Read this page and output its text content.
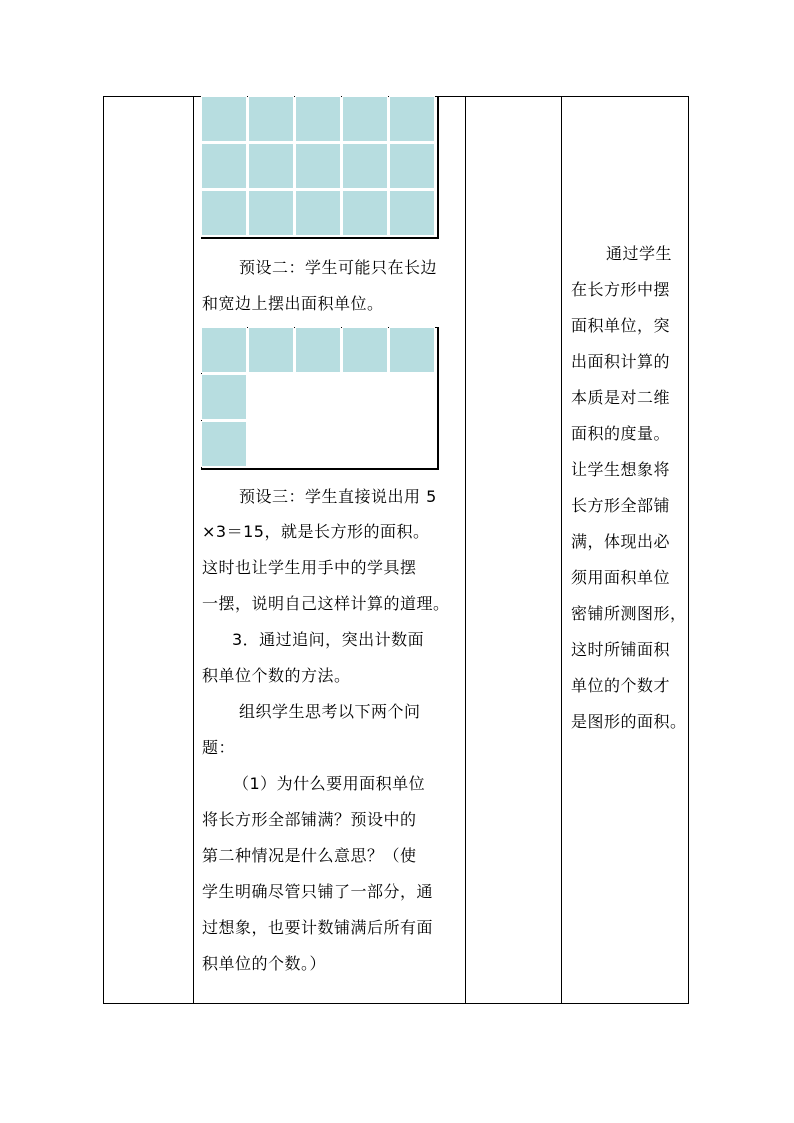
预设二：学生可能只在长边
和宽边上摆出面积单位。
预设三：学生直接说出用 5
×3＝15，就是长方形的面积。
这时也让学生用手中的学具摆
一摆，说明自己这样计算的道理。
3．通过追问，突出计数面
积单位个数的方法。
组织学生思考以下两个问
题：
（1）为什么要用面积单位
将长方形全部铺满？预设中的
第二种情况是什么意思？（使
学生明确尽管只铺了一部分，通
过想象，也要计数铺满后所有面
积单位的个数。）
通过学生
在长方形中摆
面积单位，突
出面积计算的
本质是对二维
面积的度量。
让学生想象将
长方形全部铺
满，体现出必
须用面积单位
密铺所测图形，
这时所铺面积
单位的个数才
是图形的面积。
